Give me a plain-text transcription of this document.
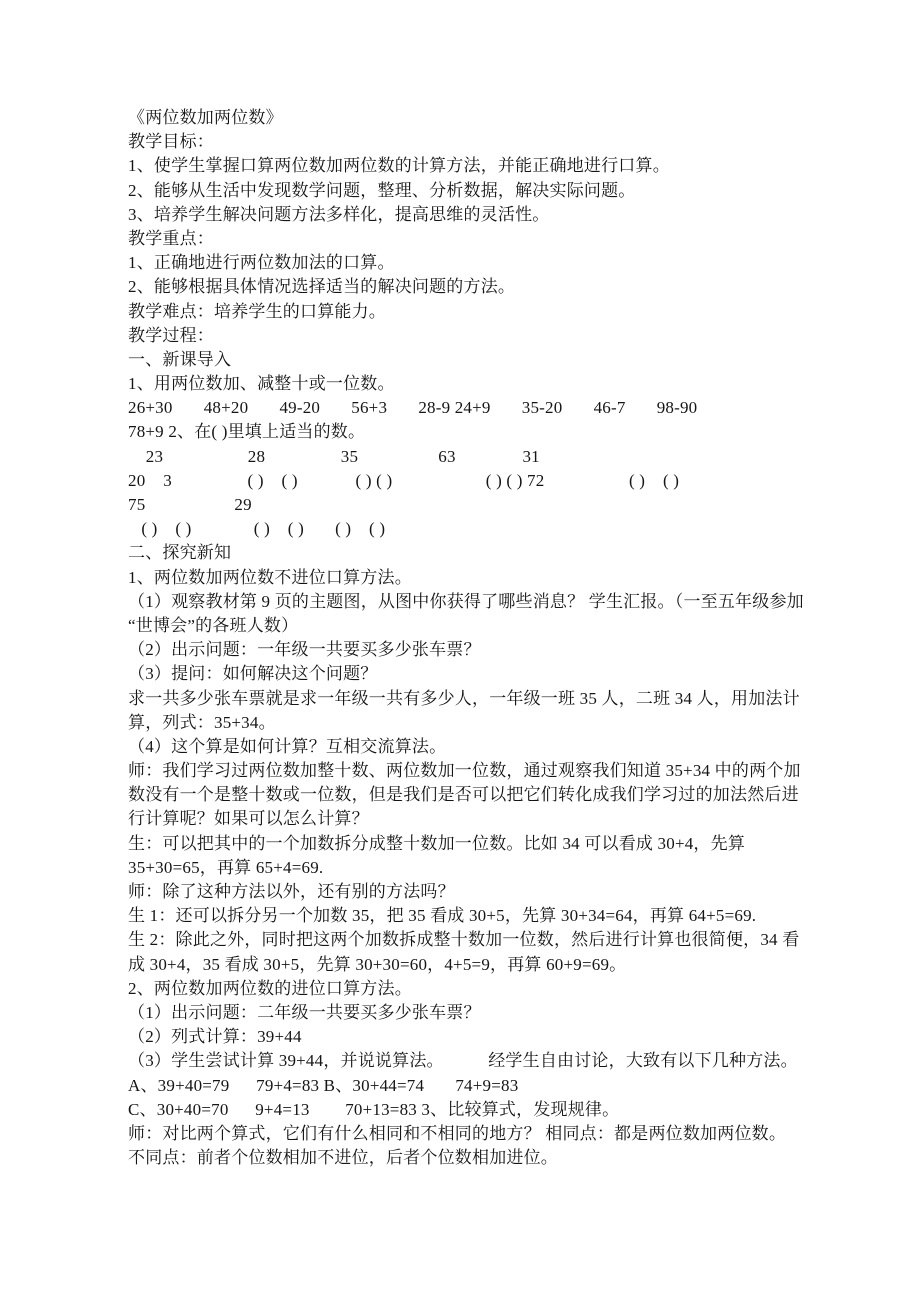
《两位数加两位数》
教学目标：
1、使学生掌握口算两位数加两位数的计算方法，并能正确地进行口算。
2、能够从生活中发现数学问题，整理、分析数据，解决实际问题。
3、培养学生解决问题方法多样化，提高思维的灵活性。
教学重点：
1、正确地进行两位数加法的口算。
2、能够根据具体情况选择适当的解决问题的方法。
教学难点：培养学生的口算能力。
教学过程：
一、新课导入
1、用两位数加、减整十或一位数。
26+30       48+20       49-20       56+3       28-9 24+9       35-20       46-7       98-90
78+9 2、在( )里填上适当的数。
23                   28                 35                  63               31
20    3                 ( )    ( )             ( ) ( )                     ( ) ( ) 72                   ( )    ( )
75                    29
( )    ( )              ( )    ( )       ( )    ( )
二、探究新知
1、两位数加两位数不进位口算方法。
（1）观察教材第 9 页的主题图，从图中你获得了哪些消息？ 学生汇报。（一至五年级参加
“世博会”的各班人数）
（2）出示问题：一年级一共要买多少张车票？
（3）提问：如何解决这个问题？
求一共多少张车票就是求一年级一共有多少人，一年级一班 35 人，二班 34 人，用加法计
算，列式：35+34。
（4）这个算是如何计算？互相交流算法。
师：我们学习过两位数加整十数、两位数加一位数，通过观察我们知道 35+34 中的两个加
数没有一个是整十数或一位数，但是我们是否可以把它们转化成我们学习过的加法然后进
行计算呢？如果可以怎么计算？
生：可以把其中的一个加数拆分成整十数加一位数。比如 34 可以看成 30+4，先算
35+30=65，再算 65+4=69.
师：除了这种方法以外，还有别的方法吗？
生 1：还可以拆分另一个加数 35，把 35 看成 30+5，先算 30+34=64，再算 64+5=69.
生 2：除此之外，同时把这两个加数拆成整十数加一位数，然后进行计算也很简便，34 看
成 30+4，35 看成 30+5，先算 30+30=60，4+5=9，再算 60+9=69。
2、两位数加两位数的进位口算方法。
（1）出示问题：二年级一共要买多少张车票？
（2）列式计算：39+44
（3）学生尝试计算 39+44，并说说算法。          经学生自由讨论，大致有以下几种方法。
A、39+40=79      79+4=83 B、30+44=74       74+9=83
C、30+40=70      9+4=13        70+13=83 3、比较算式，发现规律。
师：对比两个算式，它们有什么相同和不相同的地方？ 相同点：都是两位数加两位数。
不同点：前者个位数相加不进位，后者个位数相加进位。
